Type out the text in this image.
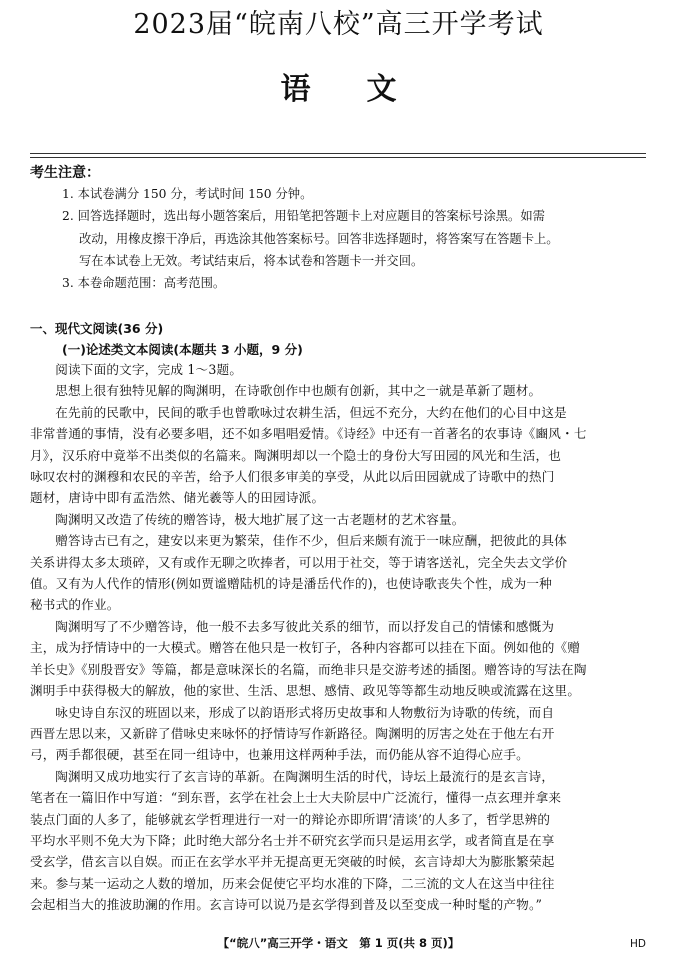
2023届“皖南八校”高三开学考试
语 文
考生注意：

1. 本试卷满分 150 分，考试时间 150 分钟。

2. 回答选择题时，选出每小题答案后，用铅笔把答题卡上对应题目的答案标号涂黑。如需

改动，用橡皮擦干净后，再选涂其他答案标号。回答非选择题时，将答案写在答题卡上。

写在本试卷上无效。考试结束后，将本试卷和答题卡一并交回。

3. 本卷命题范围：高考范围。

一、现代文阅读(36 分)
(一)论述类文本阅读(本题共 3 小题，9 分)

阅读下面的文字，完成 1～3题。

思想上很有独特见解的陶渊明，在诗歌创作中也颇有创新，其中之一就是革新了题材。

在先前的民歌中，民间的歌手也曾歌咏过农耕生活，但远不充分，大约在他们的心目中这是

非常普通的事情，没有必要多唱，还不如多唱唱爱情。《诗经》中还有一首著名的农事诗《豳风・七

月》，汉乐府中竟举不出类似的名篇来。陶渊明却以一个隐士的身份大写田园的风光和生活，也

咏叹农村的渊穆和农民的辛苦，给予人们很多审美的享受，从此以后田园就成了诗歌中的热门

题材，唐诗中即有孟浩然、储光羲等人的田园诗派。

陶渊明又改造了传统的赠答诗，极大地扩展了这一古老题材的艺术容量。

赠答诗古已有之，建安以来更为繁荣，佳作不少，但后来颇有流于一味应酬，把彼此的具体

关系讲得太多太琐碎，又有或作无聊之吹捧者，可以用于社交，等于请客送礼，完全失去文学价

值。又有为人代作的情形(例如贾谧赠陆机的诗是潘岳代作的)，也使诗歌丧失个性，成为一种

秘书式的作业。

陶渊明写了不少赠答诗，他一般不去多写彼此关系的细节，而以抒发自己的情愫和感慨为

主，成为抒情诗中的一大模式。赠答在他只是一枚钉子，各种内容都可以挂在下面。例如他的《赠

羊长史》《别殷晋安》等篇，都是意味深长的名篇，而绝非只是交游考述的插图。赠答诗的写法在陶

渊明手中获得极大的解放，他的家世、生活、思想、感情、政见等等都生动地反映或流露在这里。

咏史诗自东汉的班固以来，形成了以韵语形式将历史故事和人物敷衍为诗歌的传统，而自

西晋左思以来，又新辟了借咏史来咏怀的抒情诗写作新路径。陶渊明的厉害之处在于他左右开

弓，两手都很硬，甚至在同一组诗中，也兼用这样两种手法，而仍能从容不迫得心应手。

陶渊明又成功地实行了玄言诗的革新。在陶渊明生活的时代，诗坛上最流行的是玄言诗，

笔者在一篇旧作中写道：“到东晋，玄学在社会上士大夫阶层中广泛流行，懂得一点玄理并拿来

装点门面的人多了，能够就玄学哲理进行一对一的辩论亦即所谓‘清谈’的人多了，哲学思辨的

平均水平则不免大为下降；此时绝大部分名士并不研究玄学而只是运用玄学，或者简直是在享

受玄学，借玄言以自娱。而正在玄学水平并无提高更无突破的时候，玄言诗却大为膨胀繁荣起

来。参与某一运动之人数的增加，历来会促使它平均水准的下降，二三流的文人在这当中往往

会起相当大的推波助澜的作用。玄言诗可以说乃是玄学得到普及以至变成一种时髦的产物。”

【“皖八”高三开学・语文　第 1 页(共 8 页)】	HD
